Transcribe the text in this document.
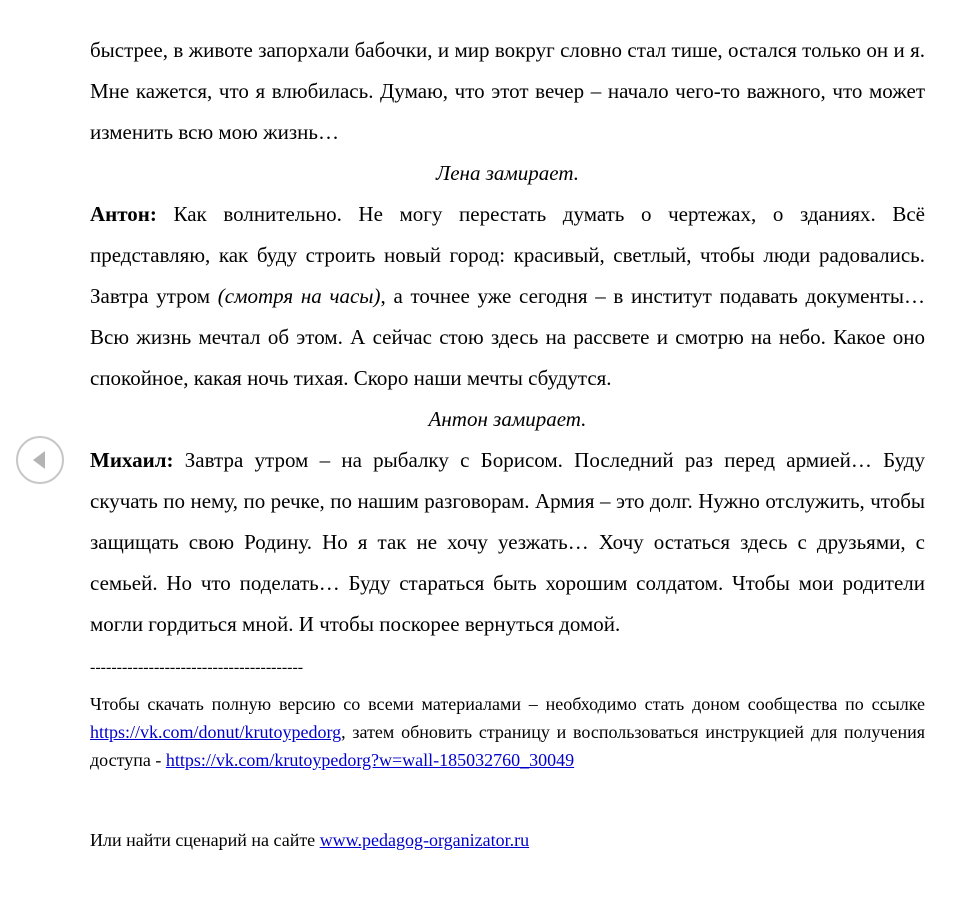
быстрее, в животе запорхали бабочки, и мир вокруг словно стал тише, остался только он и я. Мне кажется, что я влюбилась. Думаю, что этот вечер – начало чего-то важного, что может изменить всю мою жизнь…

Лена замирает.

Антон: Как волнительно. Не могу перестать думать о чертежах, о зданиях. Всё представляю, как буду строить новый город: красивый, светлый, чтобы люди радовались. Завтра утром (смотря на часы), а точнее уже сегодня – в институт подавать документы… Всю жизнь мечтал об этом. А сейчас стою здесь на рассвете и смотрю на небо. Какое оно спокойное, какая ночь тихая. Скоро наши мечты сбудутся.

Антон замирает.

Михаил: Завтра утром – на рыбалку с Борисом. Последний раз перед армией… Буду скучать по нему, по речке, по нашим разговорам. Армия – это долг. Нужно отслужить, чтобы защищать свою Родину. Но я так не хочу уезжать… Хочу остаться здесь с друзьями, с семьей. Но что поделать… Буду стараться быть хорошим солдатом. Чтобы мои родители могли гордиться мной. И чтобы поскорее вернуться домой.

----------------------------------------

Чтобы скачать полную версию со всеми материалами – необходимо стать доном сообщества по ссылке https://vk.com/donut/krutoypedorg, затем обновить страницу и воспользоваться инструкцией для получения доступа - https://vk.com/krutoypedorg?w=wall-185032760_30049

Или найти сценарий на сайте www.pedagog-organizator.ru
